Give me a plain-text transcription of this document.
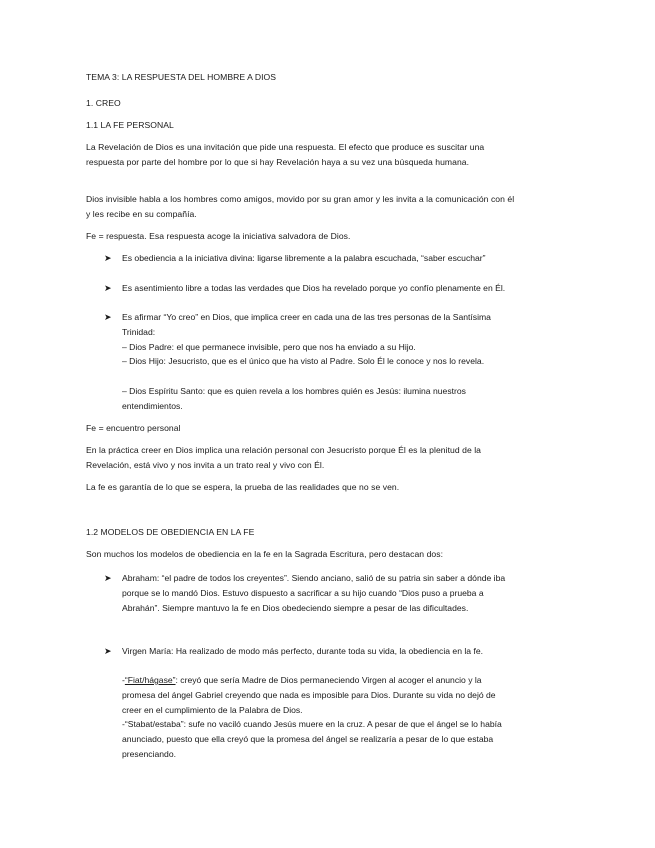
TEMA 3: LA RESPUESTA DEL HOMBRE A DIOS

1. CREO

1.1 LA FE PERSONAL

La Revelación de Dios es una invitación que pide una respuesta. El efecto que produce es suscitar una respuesta por parte del hombre por lo que si hay Revelación haya a su vez una búsqueda humana.

Dios invisible habla a los hombres como amigos, movido por su gran amor y les invita a la comunicación con él y les recibe en su compañía.

Fe = respuesta. Esa respuesta acoge la iniciativa salvadora de Dios.

➤ Es obediencia a la iniciativa divina: ligarse libremente a la palabra escuchada, “saber escuchar”

➤ Es asentimiento libre a todas las verdades que Dios ha revelado porque yo confío plenamente en Él.

➤ Es afirmar “Yo creo” en Dios, que implica creer en cada una de las tres personas de la Santísima Trinidad:

– Dios Padre: el que permanece invisible, pero que nos ha enviado a su Hijo.

– Dios Hijo: Jesucristo, que es el único que ha visto al Padre. Solo Él le conoce y nos lo revela.

– Dios Espíritu Santo: que es quien revela a los hombres quién es Jesús: ilumina nuestros entendimientos.

Fe = encuentro personal

En la práctica creer en Dios implica una relación personal con Jesucristo porque Él es la plenitud de la Revelación, está vivo y nos invita a un trato real y vivo con Él.

La fe es garantía de lo que se espera, la prueba de las realidades que no se ven.

1.2 MODELOS DE OBEDIENCIA EN LA FE

Son muchos los modelos de obediencia en la fe en la Sagrada Escritura, pero destacan dos:

➤ Abraham: “el padre de todos los creyentes”. Siendo anciano, salió de su patria sin saber a dónde iba porque se lo mandó Dios. Estuvo dispuesto a sacrificar a su hijo cuando “Dios puso a prueba a Abrahán”. Siempre mantuvo la fe en Dios obedeciendo siempre a pesar de las dificultades.

➤ Virgen María: Ha realizado de modo más perfecto, durante toda su vida, la obediencia en la fe.

-“Fiat/hágase”: creyó que sería Madre de Dios permaneciendo Virgen al acoger el anuncio y la promesa del ángel Gabriel creyendo que nada es imposible para Dios. Durante su vida no dejó de creer en el cumplimiento de la Palabra de Dios.

-“Stabat/estaba”: sufe no vaciló cuando Jesús muere en la cruz. A pesar de que el ángel se lo había anunciado, puesto que ella creyó que la promesa del ángel se realizaría a pesar de lo que estaba presenciando.
